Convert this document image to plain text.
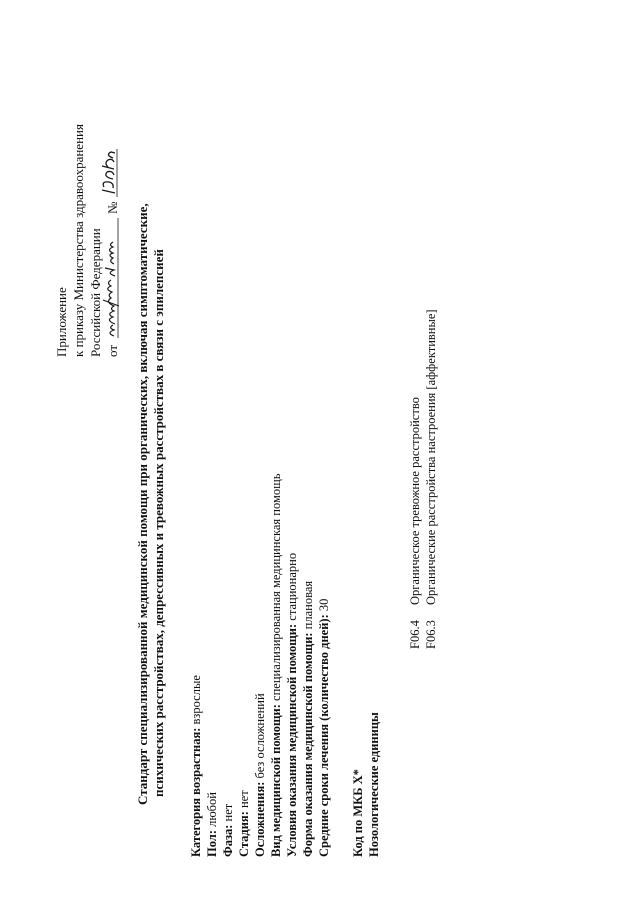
Приложение к приказу Министерства здравоохранения Российской Федерации от
№ Стандарт специализированной медицинской помощи при органических, включая симптоматические, психических расстройствах, депрессивных и тревожных расстройствах в связи с эпилепсией Категория возрастная: взрослые
Пол: любой
Фаза: нет Стадия: нет Осложнения: без осложнений Вид медицинской помощи: специализированная медицинская помощь
Условия оказания медицинской помощи: стационарно
Форма оказания медицинской помощи: плановая
Средние сроки лечения (количество дней): 30
Код по МКБ X* Нозологические единицы
F06.4
Органическое тревожное расстройство
F06.3
Органические расстройства настроения [аффективные]
